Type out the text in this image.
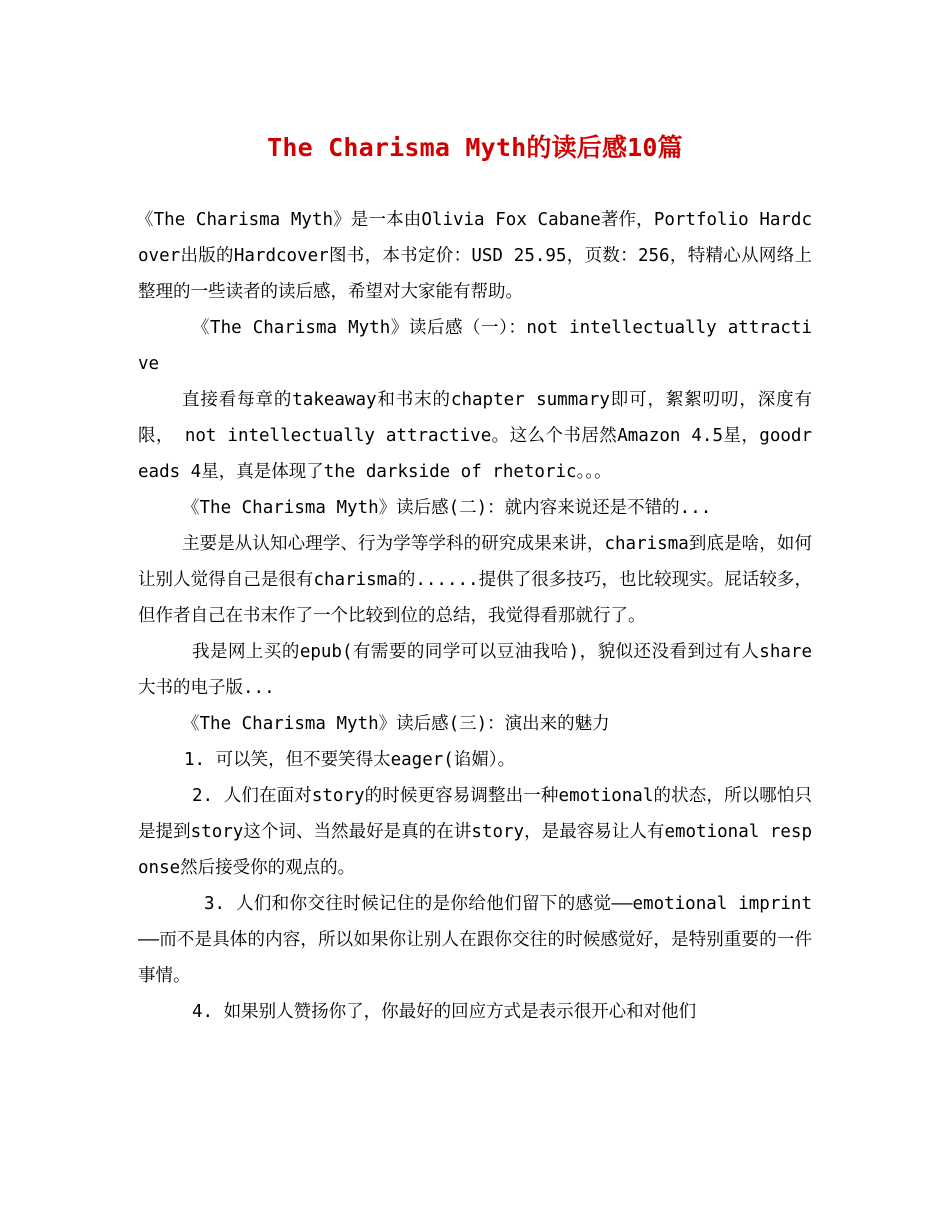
The Charisma Myth的读后感10篇

《The Charisma Myth》是一本由Olivia Fox Cabane著作，Portfolio Hardcover出版的Hardcover图书，本书定价：USD 25.95，页数：256，特精心从网络上整理的一些读者的读后感，希望对大家能有帮助。

《The Charisma Myth》读后感（一）：not intellectually attractive

直接看每章的takeaway和书末的chapter summary即可，絮絮叨叨，深度有限， not intellectually attractive。这么个书居然Amazon 4.5星，goodreads 4星，真是体现了the darkside of rhetoric。。。

《The Charisma Myth》读后感(二)：就内容来说还是不错的...

主要是从认知心理学、行为学等学科的研究成果来讲，charisma到底是啥，如何让别人觉得自己是很有charisma的......提供了很多技巧，也比较现实。屁话较多，但作者自己在书末作了一个比较到位的总结，我觉得看那就行了。

我是网上买的epub(有需要的同学可以豆油我哈)，貌似还没看到过有人share大书的电子版...

《The Charisma Myth》读后感(三)：演出来的魅力

1. 可以笑，但不要笑得太eager(谄媚）。

2. 人们在面对story的时候更容易调整出一种emotional的状态，所以哪怕只是提到story这个词、当然最好是真的在讲story，是最容易让人有emotional response然后接受你的观点的。

3. 人们和你交往时候记住的是你给他们留下的感觉——emotional imprint——而不是具体的内容，所以如果你让别人在跟你交往的时候感觉好，是特别重要的一件事情。

4. 如果别人赞扬你了，你最好的回应方式是表示很开心和对他们
